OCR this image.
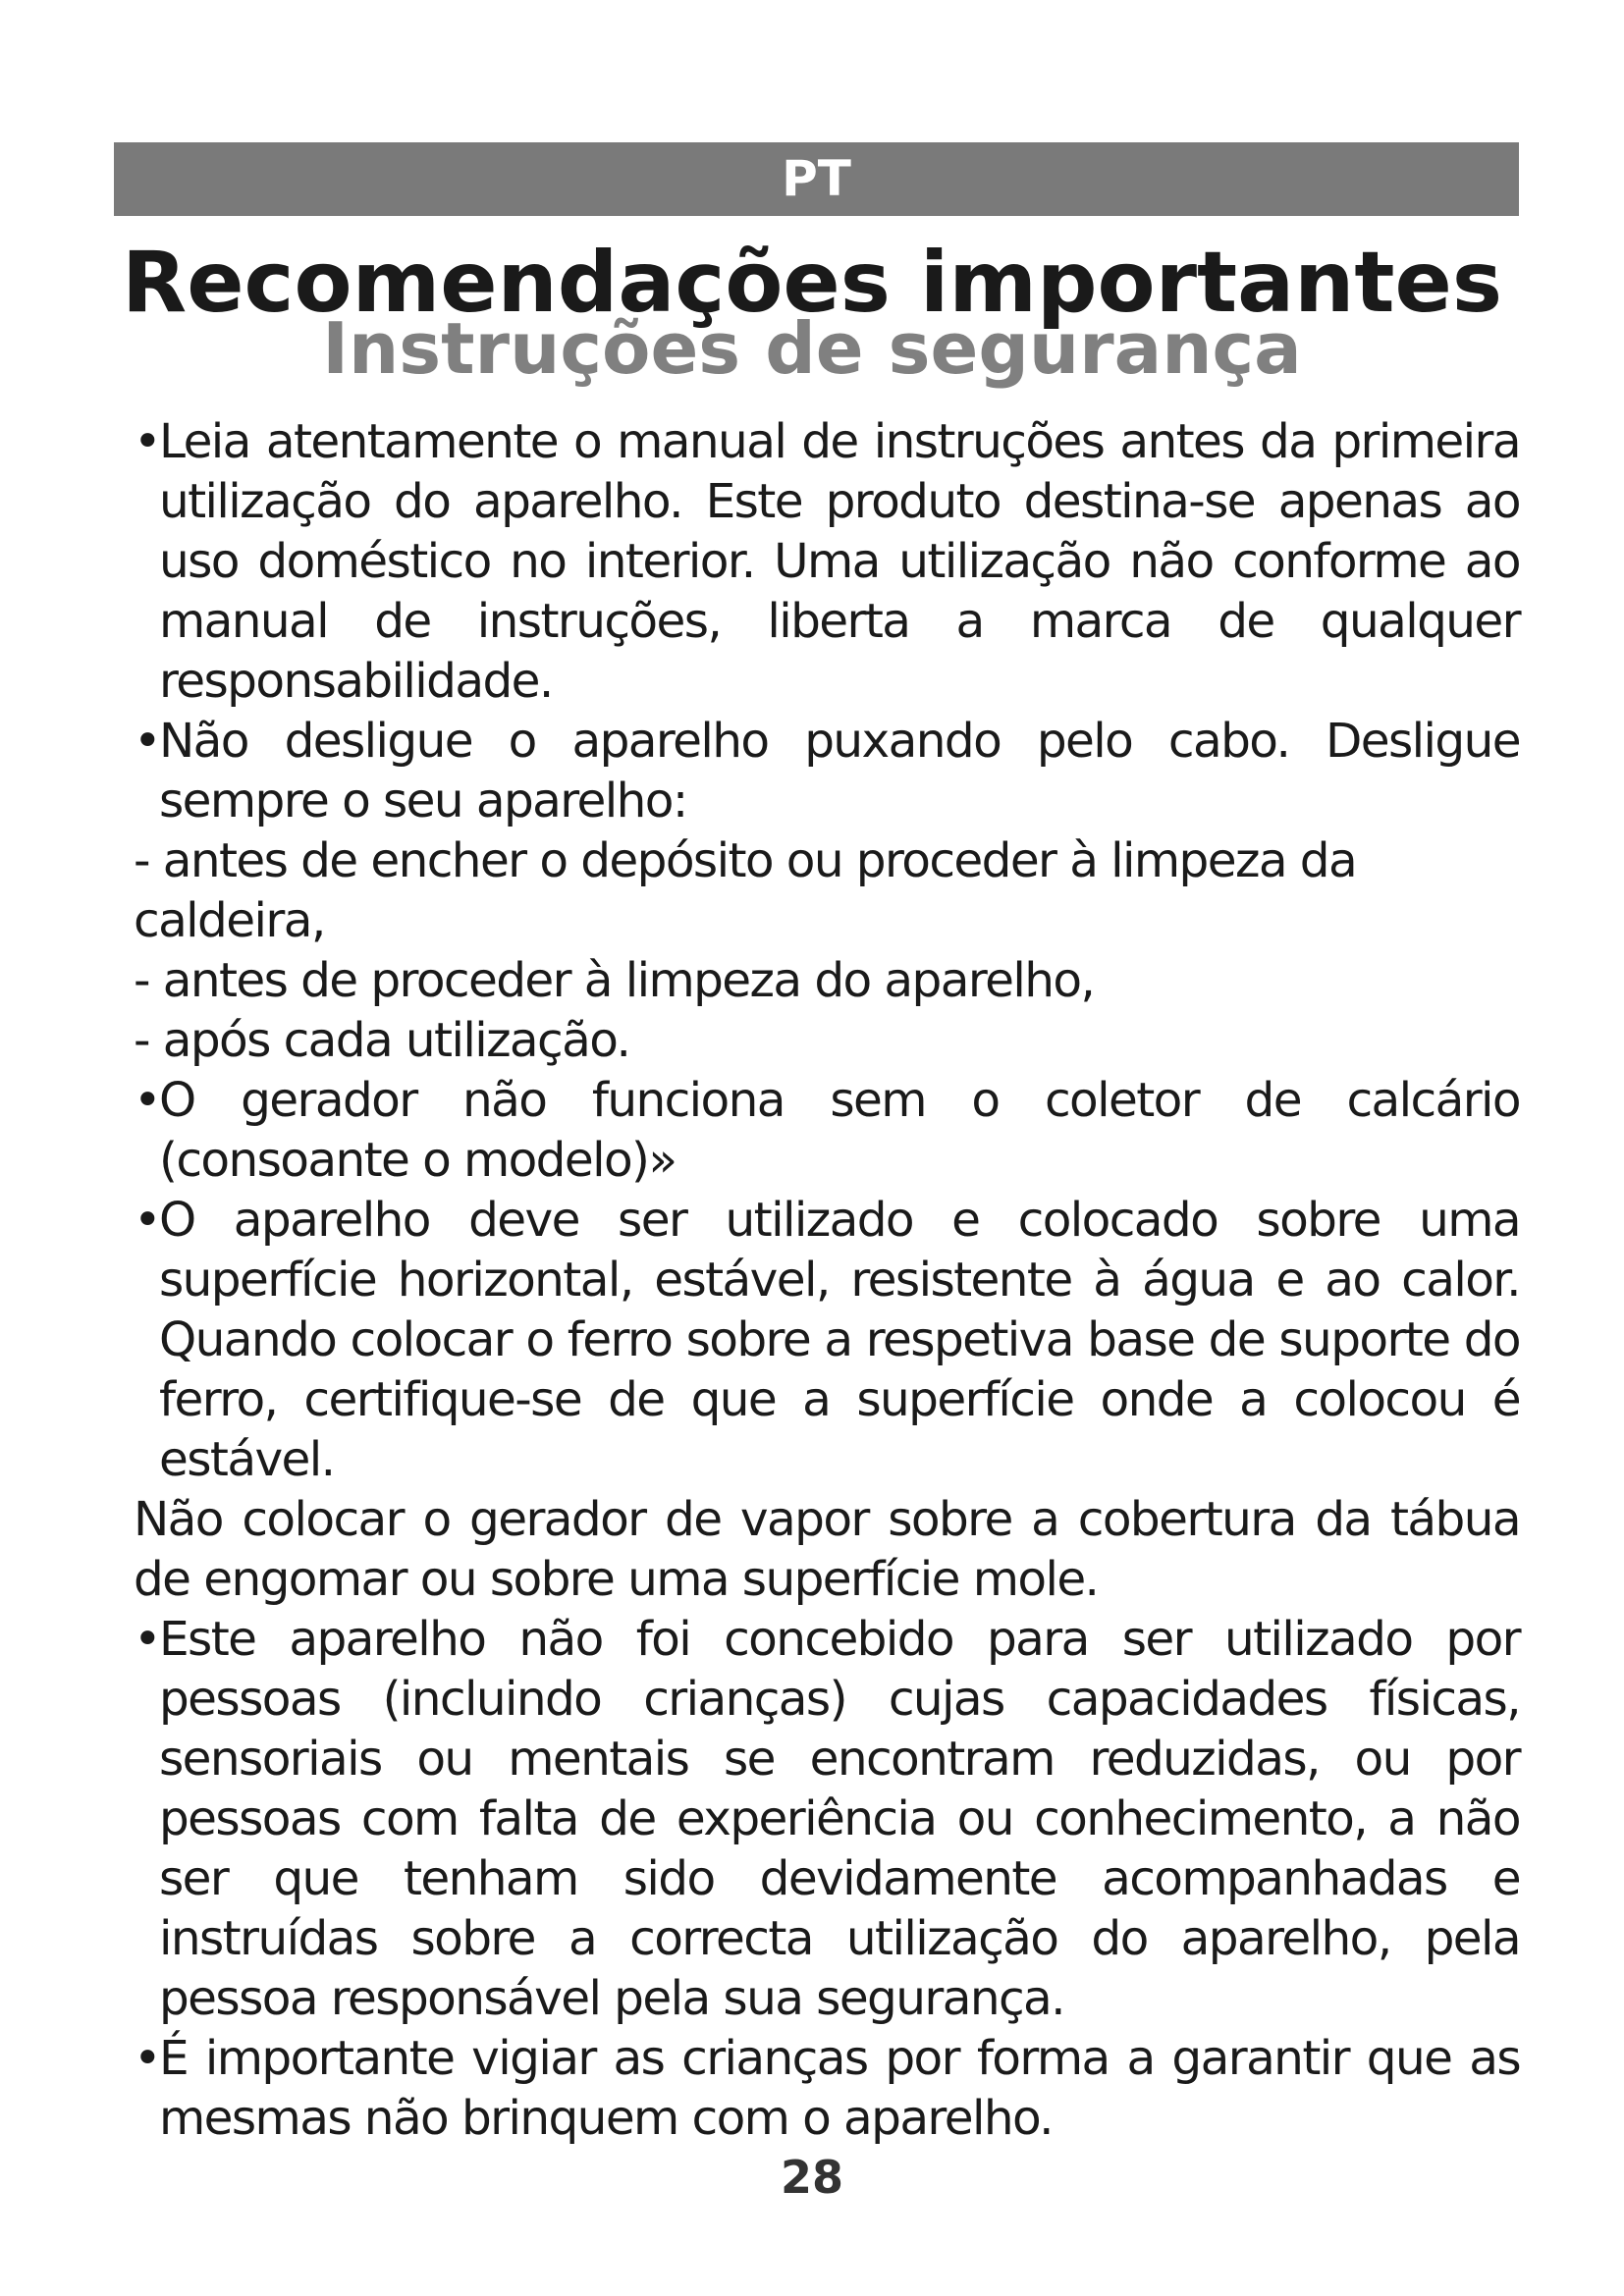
PT
Recomendações importantes
Instruções de segurança

•
Leia atentamente o manual de instruções antes da primeira utilização do aparelho. Este produto destina-se apenas ao uso doméstico no interior. Uma utilização não conforme ao manual de instruções, liberta a marca de qualquer responsabilidade.

•
Não desligue o aparelho puxando pelo cabo. Desligue sempre o seu aparelho:

- antes de encher o depósito ou proceder à limpeza da caldeira,

- antes de proceder à limpeza do aparelho,

- após cada utilização.

•
O gerador não funciona sem o coletor de calcário (consoante o modelo)»

•
O aparelho deve ser utilizado e colocado sobre uma superfície horizontal, estável, resistente à água e ao calor. Quando colocar o ferro sobre a respetiva base de suporte do ferro, certifique-se de que a superfície onde a colocou é estável.

Não colocar o gerador de vapor sobre a cobertura da tábua de engomar ou sobre uma superfície mole.

•
Este aparelho não foi concebido para ser utilizado por pessoas (incluindo crianças) cujas capacidades físicas, sensoriais ou mentais se encontram reduzidas, ou por pessoas com falta de experiência ou conhecimento, a não ser que tenham sido devidamente acompanhadas e instruídas sobre a correcta utilização do aparelho, pela pessoa responsável pela sua segurança.

•
É importante vigiar as crianças por forma a garantir que as mesmas não brinquem com o aparelho.

28
